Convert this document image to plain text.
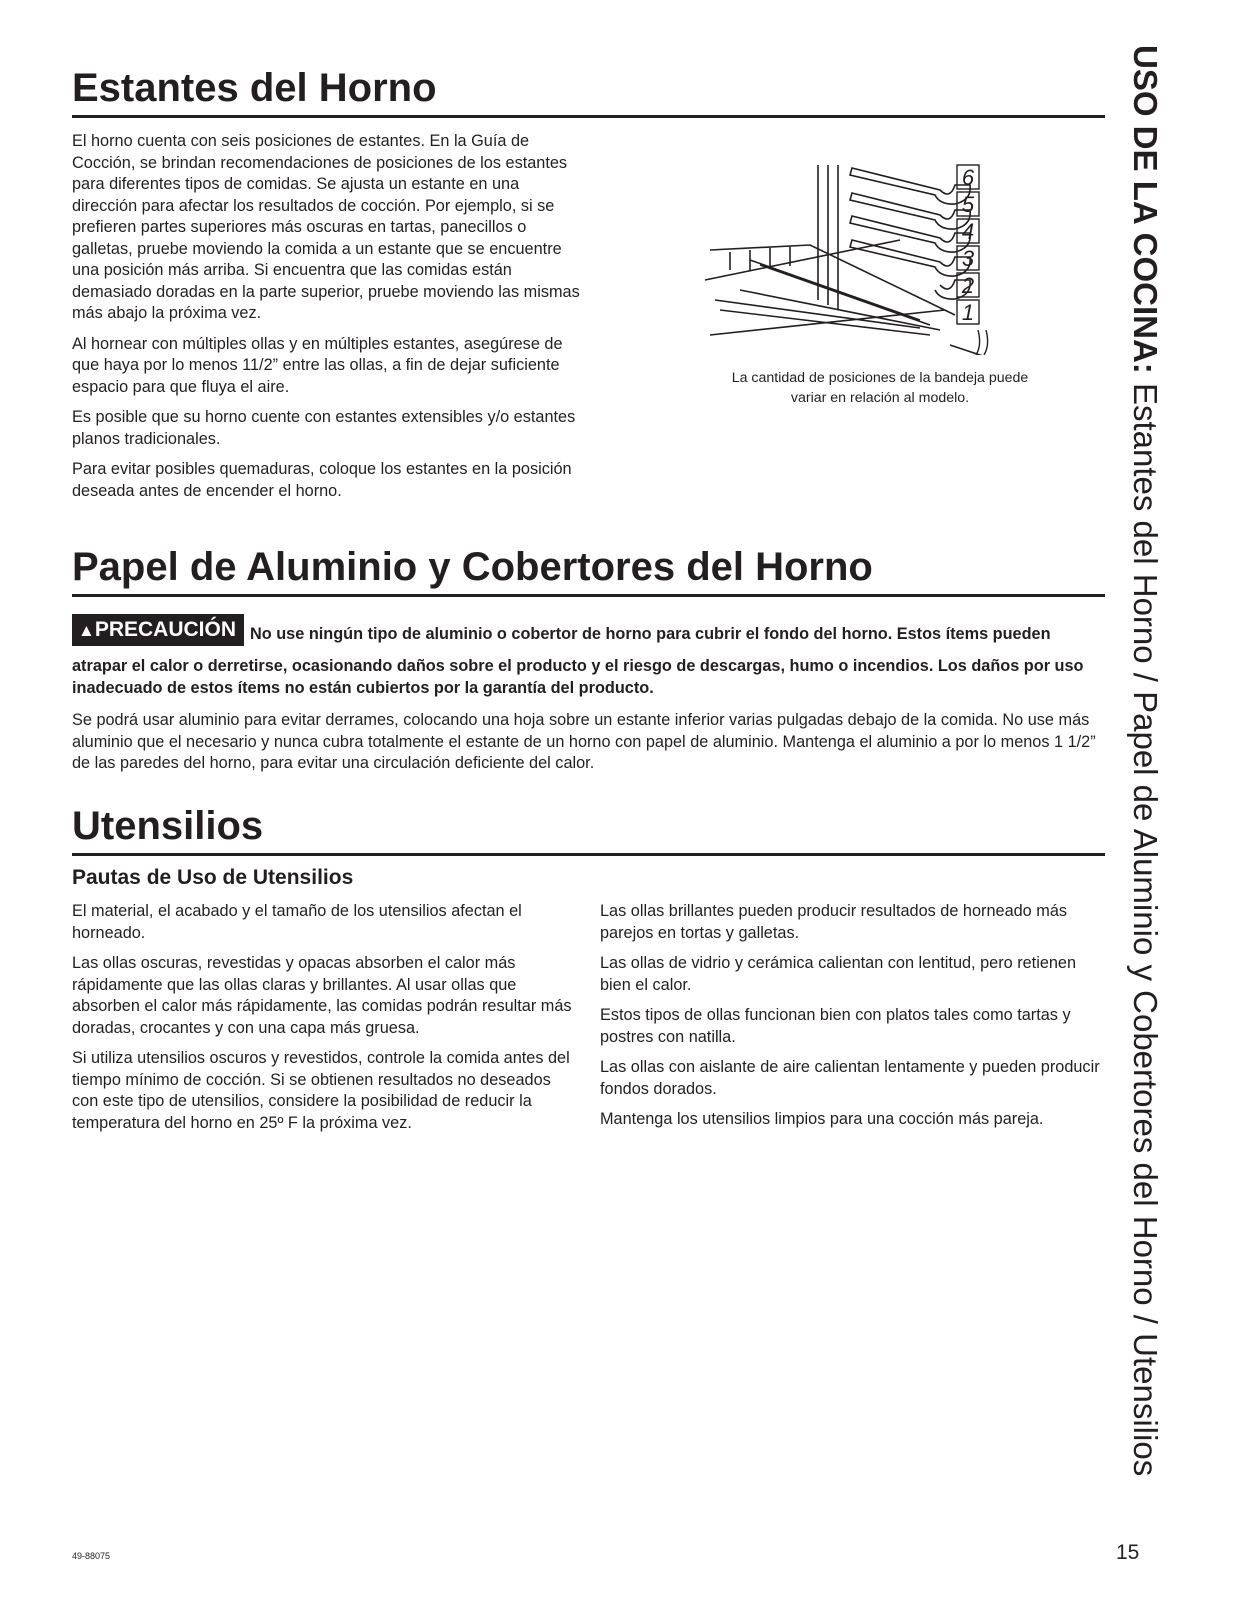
Estantes del Horno

El horno cuenta con seis posiciones de estantes. En la Guía de Cocción, se brindan recomendaciones de posiciones de los estantes para diferentes tipos de comidas. Se ajusta un estante en una dirección para afectar los resultados de cocción. Por ejemplo, si se prefieren partes superiores más oscuras en tartas, panecillos o galletas, pruebe moviendo la comida a un estante que se encuentre una posición más arriba. Si encuentra que las comidas están demasiado doradas en la parte superior, pruebe moviendo las mismas más abajo la próxima vez.

Al hornear con múltiples ollas y en múltiples estantes, asegúrese de que haya por lo menos 11/2” entre las ollas, a fin de dejar suficiente espacio para que fluya el aire.

Es posible que su horno cuente con estantes extensibles y/o estantes planos tradicionales.

Para evitar posibles quemaduras, coloque los estantes en la posición deseada antes de encender el horno.

6
5
4
3
2
1
La cantidad de posiciones de la bandeja puede variar en relación al modelo.
Papel de Aluminio y Cobertores del Horno
▲PRECAUCIÓN No use ningún tipo de aluminio o cobertor de horno para cubrir el fondo del horno. Estos ítems pueden atrapar el calor o derretirse, ocasionando daños sobre el producto y el riesgo de descargas, humo o incendios. Los daños por uso inadecuado de estos ítems no están cubiertos por la garantía del producto.

Se podrá usar aluminio para evitar derrames, colocando una hoja sobre un estante inferior varias pulgadas debajo de la comida. No use más aluminio que el necesario y nunca cubra totalmente el estante de un horno con papel de aluminio. Mantenga el aluminio a por lo menos 1 1/2” de las paredes del horno, para evitar una circulación deficiente del calor.

Utensilios
Pautas de Uso de Utensilios

El material, el acabado y el tamaño de los utensilios afectan el horneado.

Las ollas oscuras, revestidas y opacas absorben el calor más rápidamente que las ollas claras y brillantes. Al usar ollas que absorben el calor más rápidamente, las comidas podrán resultar más doradas, crocantes y con una capa más gruesa.

Si utiliza utensilios oscuros y revestidos, controle la comida antes del tiempo mínimo de cocción. Si se obtienen resultados no deseados con este tipo de utensilios, considere la posibilidad de reducir la temperatura del horno en 25º F la próxima vez.

Las ollas brillantes pueden producir resultados de horneado más parejos en tortas y galletas.

Las ollas de vidrio y cerámica calientan con lentitud, pero retienen bien el calor.

Estos tipos de ollas funcionan bien con platos tales como tartas y postres con natilla.

Las ollas con aislante de aire calientan lentamente y pueden producir fondos dorados.

Mantenga los utensilios limpios para una cocción más pareja.

USO DE LA COCINA: Estantes del Horno / Papel de Aluminio y Cobertores del Horno / Utensilios
49-88075	15
